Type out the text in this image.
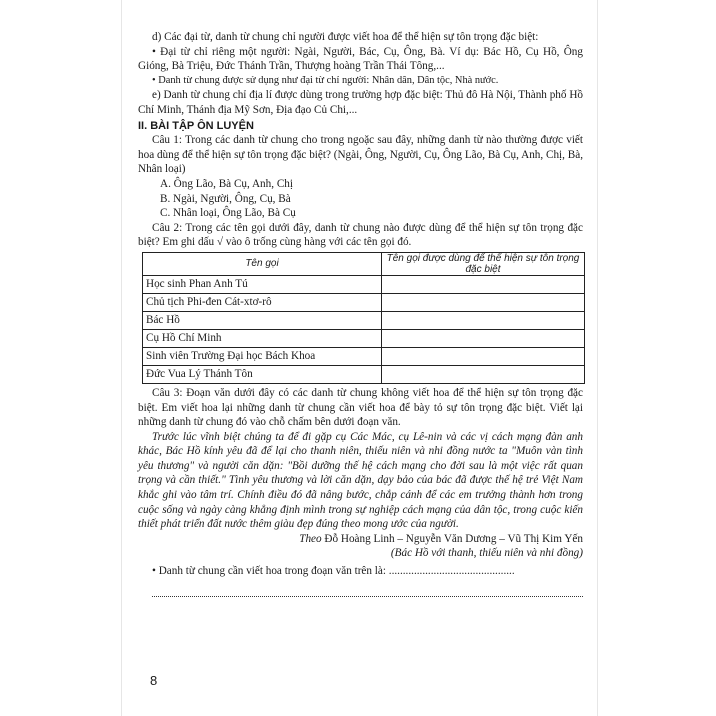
d) Các đại từ, danh từ chung chỉ người được viết hoa để thể hiện sự tôn trọng đặc biệt:

• Đại từ chỉ riêng một người: Ngài, Người, Bác, Cụ, Ông, Bà. Ví dụ: Bác Hồ, Cụ Hồ, Ông Gióng, Bà Triệu, Đức Thánh Trần, Thượng hoàng Trần Thái Tông,...

• Danh từ chung được sử dụng như đại từ chỉ người: Nhân dân, Dân tộc, Nhà nước.

e) Danh từ chung chỉ địa lí được dùng trong trường hợp đặc biệt: Thủ đô Hà Nội, Thành phố Hồ Chí Minh, Thánh địa Mỹ Sơn, Địa đạo Củ Chi,...

II. BÀI TẬP ÔN LUYỆN

Câu 1: Trong các danh từ chung cho trong ngoặc sau đây, những danh từ nào thường được viết hoa dùng để thể hiện sự tôn trọng đặc biệt? (Ngài, Ông, Người, Cụ, Ông Lão, Bà Cụ, Anh, Chị, Bà, Nhân loại)

A. Ông Lão, Bà Cụ, Anh, Chị

B. Ngài, Người, Ông, Cụ, Bà

C. Nhân loại, Ông Lão, Bà Cụ

Câu 2: Trong các tên gọi dưới đây, danh từ chung nào được dùng để thể hiện sự tôn trọng đặc biệt? Em ghi dấu √ vào ô trống cùng hàng với các tên gọi đó.

Tên gọi	Tên gọi được dùng để thể hiện sự tôn trọng đặc biệt
Học sinh Phan Anh Tú	
Chủ tịch Phi-đen Cát-xtơ-rô	
Bác Hồ	
Cụ Hồ Chí Minh	
Sinh viên Trường Đại học Bách Khoa	
Đức Vua Lý Thánh Tôn	

Câu 3: Đoạn văn dưới đây có các danh từ chung không viết hoa để thể hiện sự tôn trọng đặc biệt. Em viết hoa lại những danh từ chung cần viết hoa để bày tỏ sự tôn trọng đặc biệt. Viết lại những danh từ chung đó vào chỗ chấm bên dưới đoạn văn.

Trước lúc vĩnh biệt chúng ta để đi gặp cụ Các Mác, cụ Lê-nin và các vị cách mạng đàn anh khác, Bác Hồ kính yêu đã để lại cho thanh niên, thiếu niên và nhi đồng nước ta "Muôn vàn tình yêu thương" và người căn dặn: "Bồi dưỡng thế hệ cách mạng cho đời sau là một việc rất quan trọng và cần thiết." Tình yêu thương và lời căn dặn, dạy bảo của bác đã được thế hệ trẻ Việt Nam khắc ghi vào tâm trí. Chính điều đó đã nâng bước, chắp cánh để các em trưởng thành hơn trong cuộc sống và ngày càng khẳng định mình trong sự nghiệp cách mạng của dân tộc, trong cuộc kiến thiết phát triển đất nước thêm giàu đẹp đúng theo mong ước của người.

Theo Đỗ Hoàng Linh – Nguyễn Văn Dương – Vũ Thị Kim Yến

(Bác Hồ với thanh, thiếu niên và nhi đồng)

• Danh từ chung cần viết hoa trong đoạn văn trên là: .............................................

8
